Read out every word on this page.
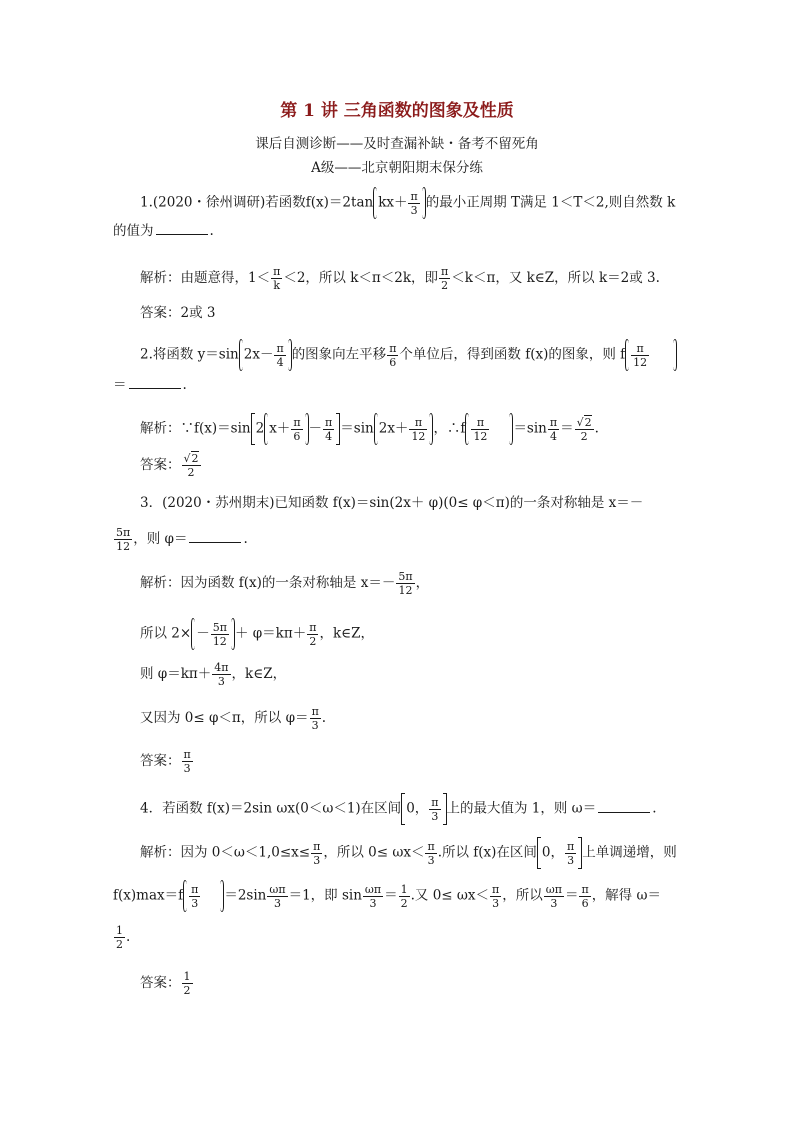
第 1 讲 三角函数的图象及性质
课后自测诊断——及时查漏补缺・备考不留死角
A级——北京朝阳期末保分练
1.(2020・徐州调研)若函数f(x)＝2tan $kx+ \frac{\pi}{3}$ 的最小正周期 T满足 1＜T＜2,则自然数 k
的值为	.
解析：由题意得，$1< \frac{\pi}{k} <2$，所以 k＜π＜2k，即 $\frac{\pi}{2} <k<\pi$，又 k∈Z，所以 k＝2或 3.
答案：2或 3
2.将函数 y＝sin $2x- \frac{\pi}{4}$ 的图象向左平移 $\frac{\pi}{6}$ 个单位后，得到函数 f(x)的图象，则 f $\frac{\pi}{12}$
＝	.
解析：∵f(x)＝sin 2 $x+ \frac{\pi}{6} - \frac{\pi}{4} =\sin$ $2x+ \frac{\pi}{12}$ ，∴f $\frac{\pi}{12} =\sin \frac{\pi}{4} = \frac{√2}{2}$ .
答案： $\frac{√2}{2}$
3．(2020・苏州期末)已知函数 f(x)＝sin(2x＋ φ)(0≤ φ＜π)的一条对称轴是 x＝－
$\frac{5\pi}{12}$ ，则 φ＝	.
解析：因为函数 f(x)的一条对称轴是 $x=- \frac{5\pi}{12}$ ，
所以 $2\times - \frac{5\pi}{12} + \varphi=k\pi+ \frac{\pi}{2}$ ，k∈Z，
则 $\varphi=k\pi+ \frac{4\pi}{3}$ ，k∈Z，
又因为 0≤ φ＜π，所以 $\varphi= \frac{\pi}{3}$ .
答案： $\frac{\pi}{3}$
4．若函数 f(x)＝2sin ωx(0＜ω＜1)在区间 0， $\frac{\pi}{3}$ 上的最大值为 1，则 ω＝	.
解析：因为 $0<\omega<1,0\le x\le \frac{\pi}{3}$ ，所以 $0\le \omega x< \frac{\pi}{3}$ .所以 f(x)在区间 0， $\frac{\pi}{3}$ 上单调递增，则
$f(x)\max=f \frac{\pi}{3} =2\sin \frac{\omega\pi}{3} =1$，即 $\sin \frac{\omega\pi}{3} = \frac{1}{2}$ .又 $0\le \omega x< \frac{\pi}{3}$ ，所以 $\frac{\omega\pi}{3} = \frac{\pi}{6}$ ，解得 ω＝
$\frac{1}{2}$ .
答案： $\frac{1}{2}$
